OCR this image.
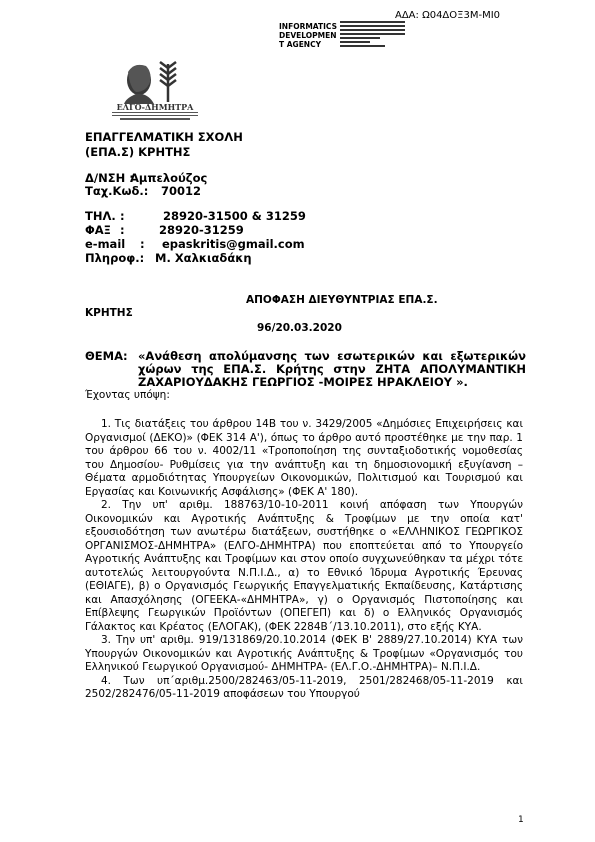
ΑΔΑ: Ω04ΔΟΞ3Μ-ΜΙ0
INFORMATICS
DEVELOPMEN
T AGENCY
ΕΛΓΟ-ΔΗΜΗΤΡΑ
ΕΠΑΓΓΕΛΜΑΤΙΚΗ ΣΧΟΛΗ
(ΕΠΑ.Σ) ΚΡΗΤΗΣ
Δ/ΝΣΗ :
Αμπελούζος
Ταχ.Κωδ.: 70012
ΤΗΛ. :	28920-31500 & 31259
ΦΑΞ :	28920-31259
e-mail : epaskritis@gmail.com
Πληροφ.: Μ. Χαλκιαδάκη
ΑΠΟΦΑΣΗ ΔΙΕΥΘΥΝΤΡΙΑΣ ΕΠΑ.Σ.
ΚΡΗΤΗΣ
96/20.03.2020
ΘΕΜΑ: «Ανάθεση απολύμανσης των εσωτερικών και εξωτερικών
χώρων της ΕΠΑ.Σ. Κρήτης στην ΖΗΤΑ ΑΠΟΛΥΜΑΝΤΙΚΗ
ΖΑΧΑΡΙΟΥΔΑΚΗΣ ΓΕΩΡΓΙΟΣ -ΜΟΙΡΕΣ ΗΡΑΚΛΕΙΟΥ ».
Έχοντας υπόψη:

1. Τις διατάξεις του άρθρου 14Β του ν. 3429/2005 «Δημόσιες Επιχειρήσεις και Οργανισμοί (ΔΕΚΟ)» (ΦΕΚ 314 Α'), όπως το άρθρο αυτό προστέθηκε με την παρ. 1 του άρθρου 66 του ν. 4002/11 «Τροποποίηση της συνταξιοδοτικής νομοθεσίας του Δημοσίου- Ρυθμίσεις για την ανάπτυξη και τη δημοσιονομική εξυγίανση – Θέματα αρμοδιότητας Υπουργείων Οικονομικών, Πολιτισμού και Τουρισμού και Εργασίας και Κοινωνικής Ασφάλισης» (ΦΕΚ Α' 180).

2. Την υπ' αριθμ. 188763/10-10-2011 κοινή απόφαση των Υπουργών Οικονομικών και Αγροτικής Ανάπτυξης & Τροφίμων με την οποία κατ' εξουσιοδότηση των ανωτέρω διατάξεων, συστήθηκε ο «ΕΛΛΗΝΙΚΟΣ ΓΕΩΡΓΙΚΟΣ ΟΡΓΑΝΙΣΜΟΣ-ΔΗΜΗΤΡΑ» (ΕΛΓΟ-ΔΗΜΗΤΡΑ) που εποπτεύεται από το Υπουργείο Αγροτικής Ανάπτυξης και Τροφίμων και στον οποίο συγχωνεύθηκαν τα μέχρι τότε αυτοτελώς λειτουργούντα Ν.Π.Ι.Δ., α) το Εθνικό Ίδρυμα Αγροτικής Έρευνας (ΕΘΙΑΓΕ), β) ο Οργανισμός Γεωργικής Επαγγελματικής Εκπαίδευσης, Κατάρτισης και Απασχόλησης (ΟΓΕΕΚΑ-«ΔΗΜΗΤΡΑ», γ) ο Οργανισμός Πιστοποίησης και Επίβλεψης Γεωργικών Προϊόντων (ΟΠΕΓΕΠ) και δ) ο Ελληνικός Οργανισμός Γάλακτος και Κρέατος (ΕΛΟΓΑΚ), (ΦΕΚ 2284Β΄/13.10.2011), στο εξής ΚΥΑ.

3. Την υπ' αριθμ. 919/131869/20.10.2014 (ΦΕΚ Β' 2889/27.10.2014) ΚΥΑ των Υπουργών Οικονομικών και Αγροτικής Ανάπτυξης & Τροφίμων «Οργανισμός του Ελληνικού Γεωργικού Οργανισμού- ΔΗΜΗΤΡΑ- (ΕΛ.Γ.Ο.-ΔΗΜΗΤΡΑ)– Ν.Π.Ι.Δ.

4. Των υπ΄αριθμ.2500/282463/05-11-2019, 2501/282468/05-11-2019 και 2502/282476/05-11-2019 αποφάσεων του Υπουργού

1
